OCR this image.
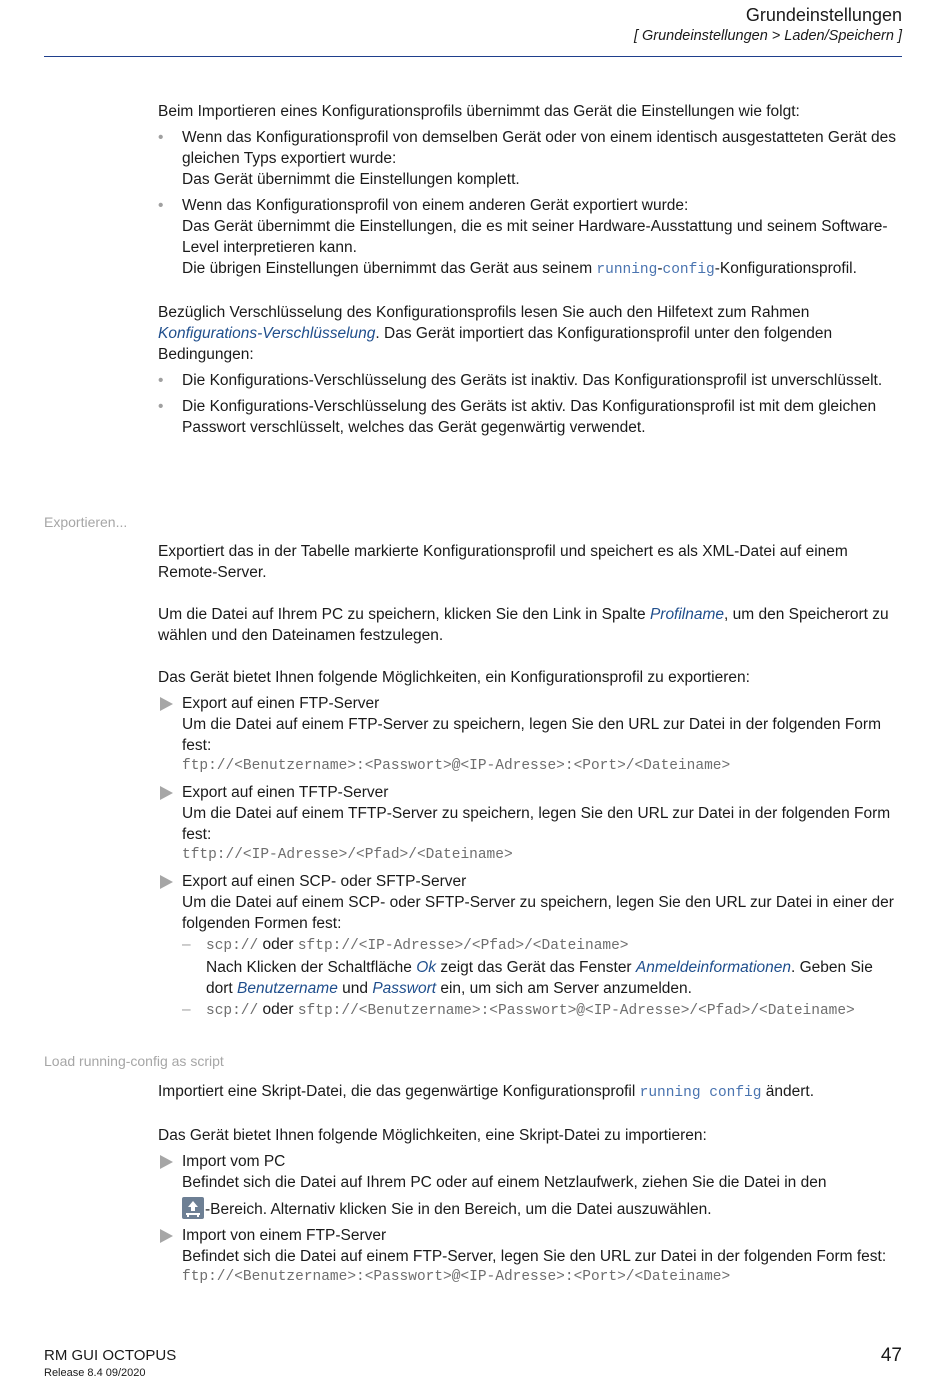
Grundeinstellungen
[ Grundeinstellungen > Laden/Speichern ]

Beim Importieren eines Konfigurationsprofils übernimmt das Gerät die Einstellungen wie folgt:

• Wenn das Konfigurationsprofil von demselben Gerät oder von einem identisch ausgestatteten Gerät des gleichen Typs exportiert wurde:
Das Gerät übernimmt die Einstellungen komplett.
• Wenn das Konfigurationsprofil von einem anderen Gerät exportiert wurde:
Das Gerät übernimmt die Einstellungen, die es mit seiner Hardware-Ausstattung und seinem Software-Level interpretieren kann.
Die übrigen Einstellungen übernimmt das Gerät aus seinem running-config-Konfigurationsprofil.

Bezüglich Verschlüsselung des Konfigurationsprofils lesen Sie auch den Hilfetext zum Rahmen Konfigurations-Verschlüsselung. Das Gerät importiert das Konfigurationsprofil unter den folgenden Bedingungen:

• Die Konfigurations-Verschlüsselung des Geräts ist inaktiv. Das Konfigurationsprofil ist unverschlüsselt.
• Die Konfigurations-Verschlüsselung des Geräts ist aktiv. Das Konfigurationsprofil ist mit dem gleichen Passwort verschlüsselt, welches das Gerät gegenwärtig verwendet.
Exportieren...

Exportiert das in der Tabelle markierte Konfigurationsprofil und speichert es als XML-Datei auf einem Remote-Server.

Um die Datei auf Ihrem PC zu speichern, klicken Sie den Link in Spalte Profilname, um den Speicherort zu wählen und den Dateinamen festzulegen.

Das Gerät bietet Ihnen folgende Möglichkeiten, ein Konfigurationsprofil zu exportieren:

Export auf einen FTP-Server
Um die Datei auf einem FTP-Server zu speichern, legen Sie den URL zur Datei in der folgenden Form fest:
ftp://<Benutzername>:<Passwort>@<IP-Adresse>:<Port>/<Dateiname>
Export auf einen TFTP-Server
Um die Datei auf einem TFTP-Server zu speichern, legen Sie den URL zur Datei in der folgenden Form fest:
tftp://<IP-Adresse>/<Pfad>/<Dateiname>
Export auf einen SCP- oder SFTP-Server
Um die Datei auf einem SCP- oder SFTP-Server zu speichern, legen Sie den URL zur Datei in einer der folgenden Formen fest:
– scp:// oder sftp://<IP-Adresse>/<Pfad>/<Dateiname>
Nach Klicken der Schaltfläche Ok zeigt das Gerät das Fenster Anmeldeinformationen. Geben Sie dort Benutzername und Passwort ein, um sich am Server anzumelden.
– scp:// oder sftp://<Benutzername>:<Passwort>@<IP-Adresse>/<Pfad>/<Dateiname>
Load running-config as script

Importiert eine Skript-Datei, die das gegenwärtige Konfigurationsprofil running config ändert.

Das Gerät bietet Ihnen folgende Möglichkeiten, eine Skript-Datei zu importieren:

Import vom PC
Befindet sich die Datei auf Ihrem PC oder auf einem Netzlaufwerk, ziehen Sie die Datei in den
-Bereich. Alternativ klicken Sie in den Bereich, um die Datei auszuwählen.
Import von einem FTP-Server
Befindet sich die Datei auf einem FTP-Server, legen Sie den URL zur Datei in der folgenden Form fest:
ftp://<Benutzername>:<Passwort>@<IP-Adresse>:<Port>/<Dateiname>
RM GUI OCTOPUS
Release 8.4 09/2020
47
